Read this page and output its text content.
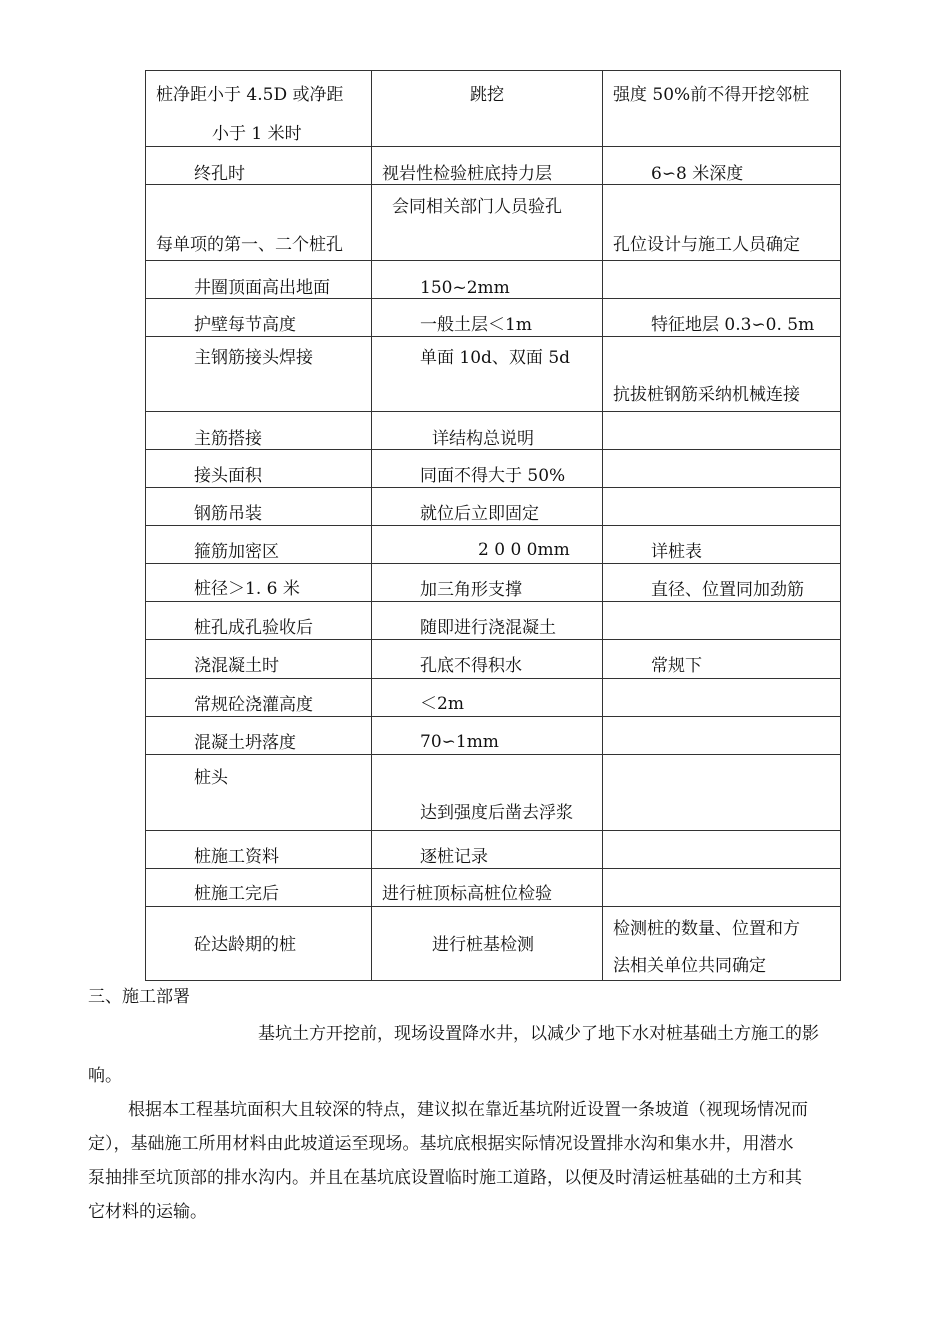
桩净距小于 4.5D 或净距
小于 1 米时	跳挖	强度 50%前不得开挖邻桩

终孔时	视岩性检验桩底持力层	6∽8 米深度

每单项的第一、二个桩孔	会同相关部门人员验孔	孔位设计与施工人员确定

井圈顶面高出地面	150~2mm	

护壁每节高度	一般土层＜1m	特征地层 0.3∽0. 5m

主钢筋接头焊接	单面 10d、双面 5d	抗拔桩钢筋采纳机械连接

主筋搭接	详结构总说明	

接头面积	同面不得大于 50%	

钢筋吊装	就位后立即固定	

箍筋加密区	2 0 0 0mm	详桩表

桩径＞1. 6 米	加三角形支撑	直径、位置同加劲筋

桩孔成孔验收后	随即进行浇混凝土	

浇混凝土时	孔底不得积水	常规下

常规砼浇灌高度	＜2m	

混凝土坍落度	70∽1mm	

桩头	达到强度后凿去浮浆	

桩施工资料	逐桩记录	

桩施工完后	进行桩顶标高桩位检验	

砼达龄期的桩	进行桩基检测	检测桩的数量、位置和方
法相关单位共同确定
三、施工部署
基坑土方开挖前，现场设置降水井，以减少了地下水对桩基础土方施工的影
响。
根据本工程基坑面积大且较深的特点，建议拟在靠近基坑附近设置一条坡道（视现场情况而
定），基础施工所用材料由此坡道运至现场。基坑底根据实际情况设置排水沟和集水井，用潜水
泵抽排至坑顶部的排水沟内。并且在基坑底设置临时施工道路，以便及时清运桩基础的土方和其
它材料的运输。
